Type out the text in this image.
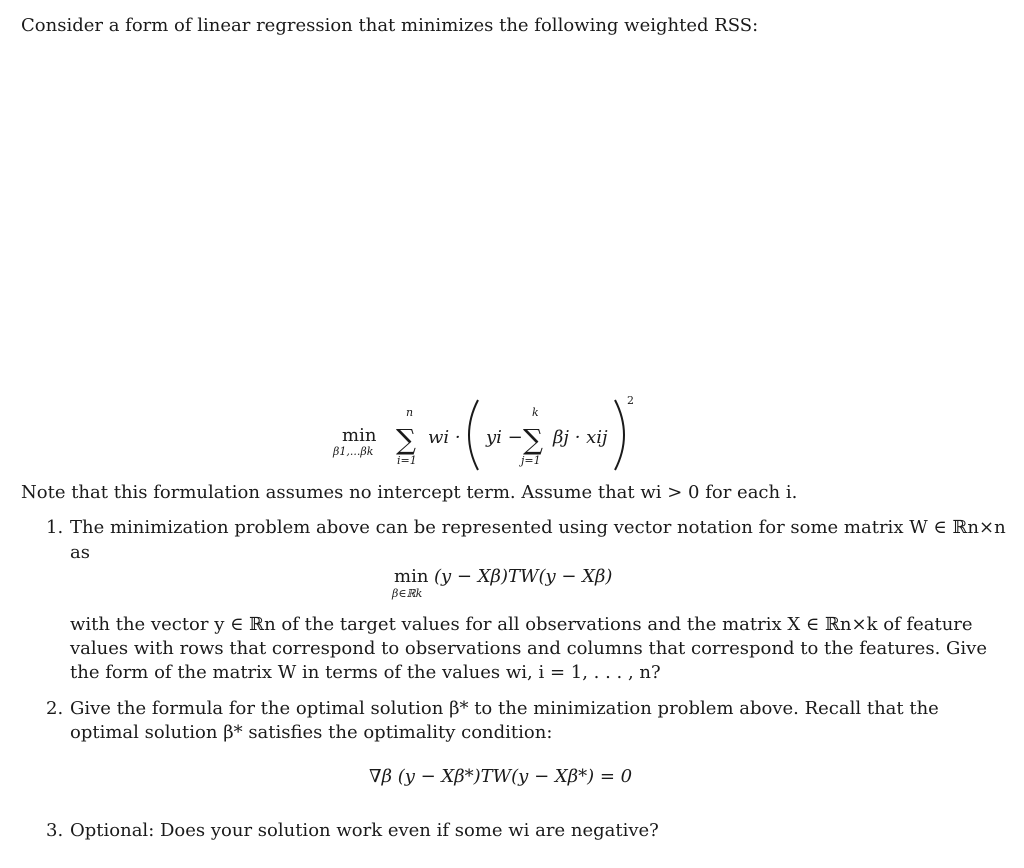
Consider a form of linear regression that minimizes the following weighted RSS:
min
β1,...βk
n
∑
i=1
wi · yi −
k
∑
j=1
βj · xij
2
Note that this formulation assumes no intercept term. Assume that wi > 0 for each i.
1. The minimization problem above can be represented using vector notation for some matrix W ∈ ℝn×n
as
min
β∈ℝk
(y − Xβ)TW(y − Xβ)
with the vector y ∈ ℝn of the target values for all observations and the matrix X ∈ ℝn×k of feature
values with rows that correspond to observations and columns that correspond to the features. Give
the form of the matrix W in terms of the values wi, i = 1, . . . , n?
2. Give the formula for the optimal solution β* to the minimization problem above. Recall that the
optimal solution β* satisfies the optimality condition:
∇β (y − Xβ*)TW(y − Xβ*) = 0
3. Optional: Does your solution work even if some wi are negative?
